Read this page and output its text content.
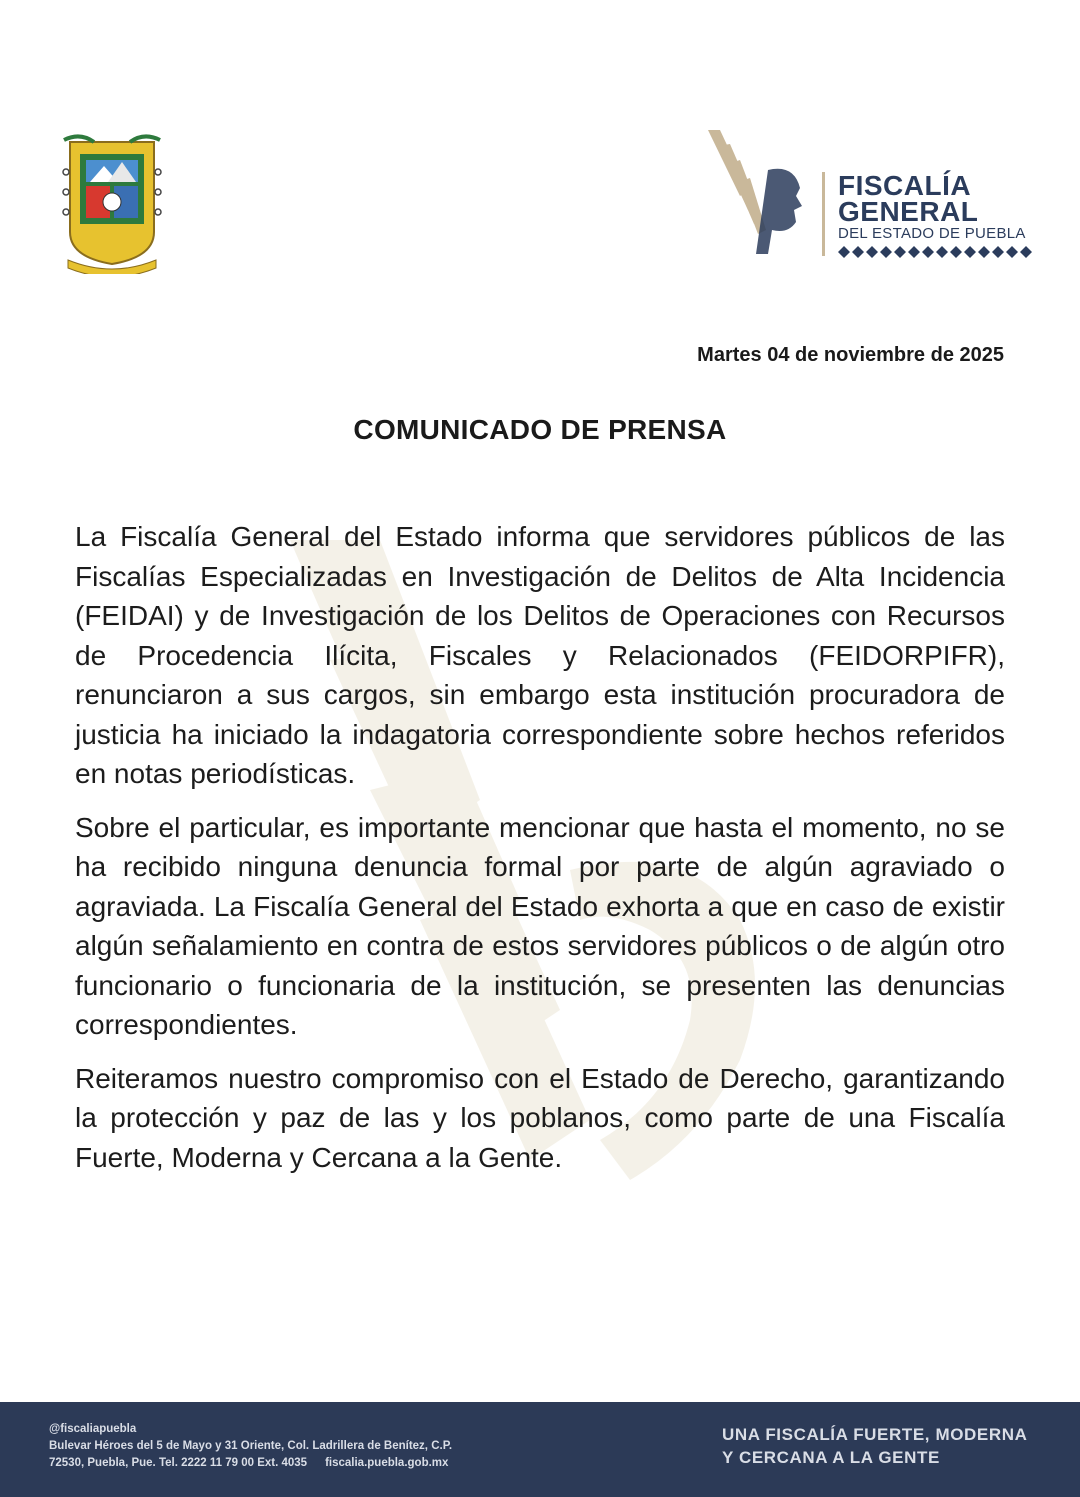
FISCALÍA
GENERAL
DEL ESTADO DE PUEBLA
Martes 04 de noviembre de 2025
COMUNICADO DE PRENSA

La Fiscalía General del Estado informa que servidores públicos de las Fiscalías Especializadas en Investigación de Delitos de Alta Incidencia (FEIDAI) y de Investigación de los Delitos de Operaciones con Recursos de Procedencia Ilícita, Fiscales y Relacionados (FEIDORPIFR), renunciaron a sus cargos, sin embargo esta institución procuradora de justicia ha iniciado la indagatoria correspondiente sobre hechos referidos en notas periodísticas.

Sobre el particular, es importante mencionar que hasta el momento, no se ha recibido ninguna denuncia formal por parte de algún agraviado o agraviada. La Fiscalía General del Estado exhorta a que en caso de existir algún señalamiento en contra de estos servidores públicos o de algún otro funcionario o funcionaria de la institución, se presenten las denuncias correspondientes.

Reiteramos nuestro compromiso con el Estado de Derecho, garantizando la protección y paz de las y los poblanos, como parte de una Fiscalía Fuerte, Moderna y Cercana a la Gente.

@fiscaliapuebla
Bulevar Héroes del 5 de Mayo y 31 Oriente, Col. Ladrillera de Benítez, C.P.
72530, Puebla, Pue. Tel. 2222 11 79 00 Ext. 4035 fiscalia.puebla.gob.mx
UNA FISCALÍA FUERTE, MODERNA
Y CERCANA A LA GENTE
